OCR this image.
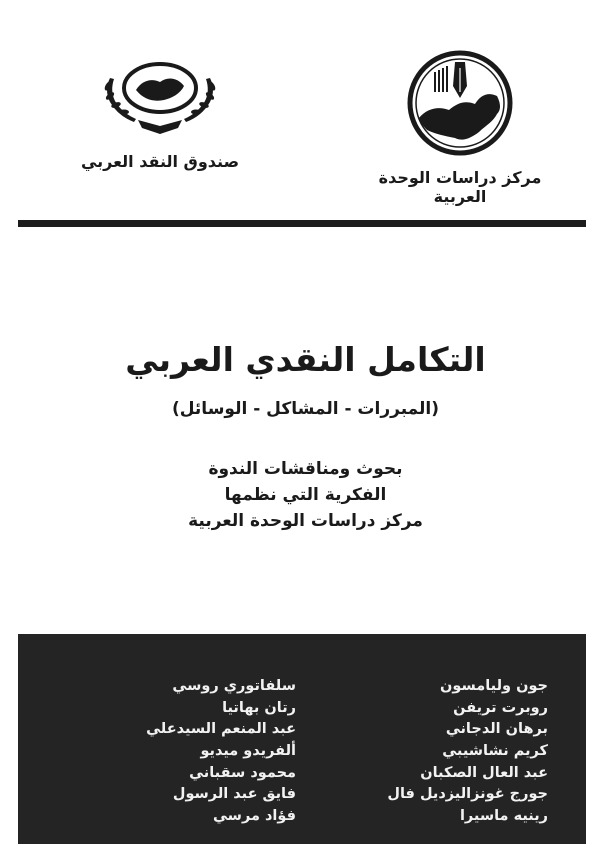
مركز دراسات الوحدة العربية
صندوق النقد العربي
التكامل النقدي العربي
(المبررات - المشاكل - الوسائل)
بحوث ومناقشات الندوة
الفكرية التي نظمها
مركز دراسات الوحدة العربية
جون وليامسون
روبرت تريفن
برهان الدجاني
كريم نشاشيبي
عبد العال الصكبان
جورج غونزاليزديل فال
رينيه ماسيرا
سلفاتوري روسي
رتان بهاتيا
عبد المنعم السيدعلي
ألفريدو ميديو
محمود سقباني
فايق عبد الرسول
فؤاد مرسي
